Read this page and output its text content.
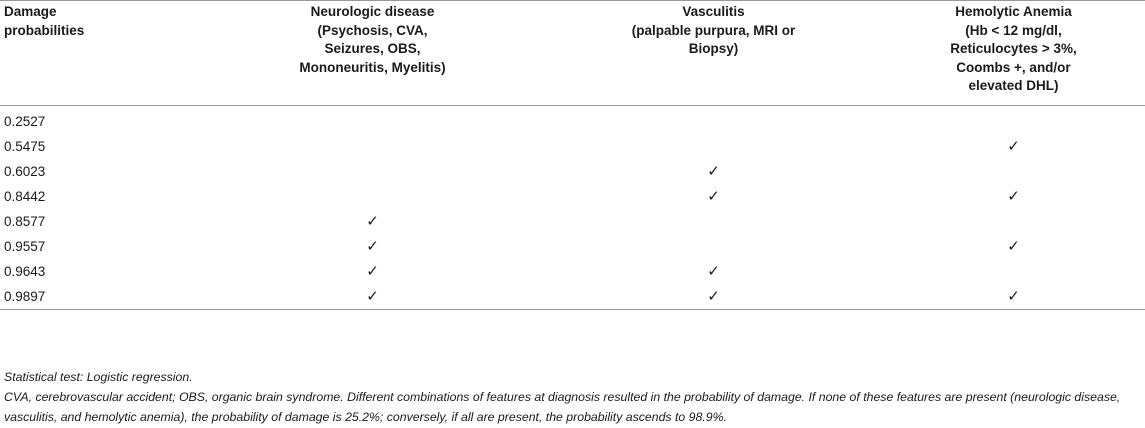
Damage
probabilities	Neurologic disease
(Psychosis, CVA,
Seizures, OBS,
Mononeuritis, Myelitis)	Vasculitis
(palpable purpura, MRI or
Biopsy)	Hemolytic Anemia
(Hb < 12 mg/dl,
Reticulocytes > 3%,
Coombs +, and/or
elevated DHL)

0.2527			
0.5475			✓
0.6023		✓	
0.8442		✓	✓
0.8577	✓		
0.9557	✓		✓
0.9643	✓	✓	
0.9897	✓	✓	✓

Statistical test: Logistic regression.

CVA, cerebrovascular accident; OBS, organic brain syndrome. Different combinations of features at diagnosis resulted in the probability of damage. If none of these features are present (neurologic disease, vasculitis, and hemolytic anemia), the probability of damage is 25.2%; conversely, if all are present, the probability ascends to 98.9%.
